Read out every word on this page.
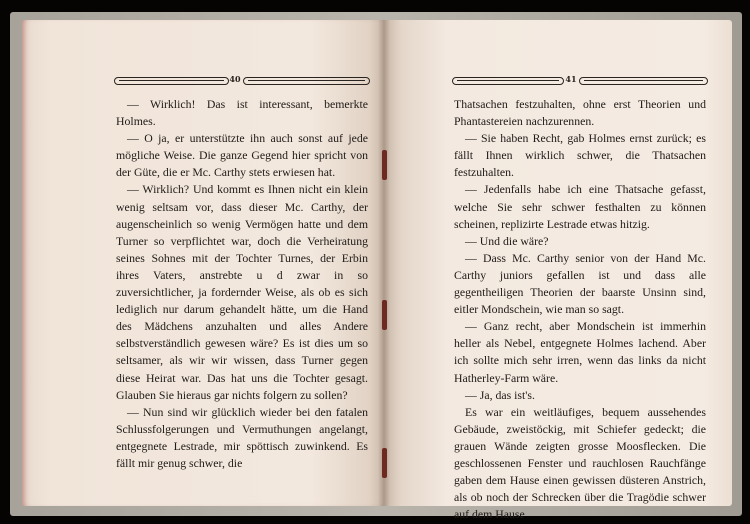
40

— Wirklich! Das ist interessant, bemerkte Holmes.

— O ja, er unterstützte ihn auch sonst auf jede mögliche Weise. Die ganze Gegend hier spricht von der Güte, die er Mc. Carthy stets erwiesen hat.

— Wirklich? Und kommt es Ihnen nicht ein klein wenig seltsam vor, dass dieser Mc. Carthy, der augenscheinlich so wenig Vermögen hatte und dem Turner so verpflichtet war, doch die Verheiratung seines Sohnes mit der Tochter Turnes, der Erbin ihres Vaters, anstrebte u d zwar in so zuversichtlicher, ja fordernder Weise, als ob es sich lediglich nur darum gehandelt hätte, um die Hand des Mädchens anzuhalten und alles Andere selbstverständlich gewesen wäre? Es ist dies um so seltsamer, als wir wir wissen, dass Turner gegen diese Heirat war. Das hat uns die Tochter gesagt. Glauben Sie hieraus gar nichts folgern zu sollen?

— Nun sind wir glücklich wieder bei den fatalen Schlussfolgerungen und Vermuthungen angelangt, entgegnete Lestrade, mir spöttisch zuwinkend. Es fällt mir genug schwer, die

41

Thatsachen festzuhalten, ohne erst Theorien und Phantastereien nachzurennen.

— Sie haben Recht, gab Holmes ernst zurück; es fällt Ihnen wirklich schwer, die Thatsachen festzuhalten.

— Jedenfalls habe ich eine Thatsache gefasst, welche Sie sehr schwer festhalten zu können scheinen, replizirte Lestrade etwas hitzig.

— Und die wäre?

— Dass Mc. Carthy senior von der Hand Mc. Carthy juniors gefallen ist und dass alle gegentheiligen Theorien der baarste Unsinn sind, eitler Mondschein, wie man so sagt.

— Ganz recht, aber Mondschein ist immerhin heller als Nebel, entgegnete Holmes lachend. Aber ich sollte mich sehr irren, wenn das links da nicht Hatherley-Farm wäre.

— Ja, das ist's.

Es war ein weitläufiges, bequem aussehendes Gebäude, zweistöckig, mit Schiefer gedeckt; die grauen Wände zeigten grosse Moosflecken. Die geschlossenen Fenster und rauchlosen Rauchfänge gaben dem Hause einen gewissen düsteren Anstrich, als ob noch der Schrecken über die Tragödie schwer auf dem Hause
